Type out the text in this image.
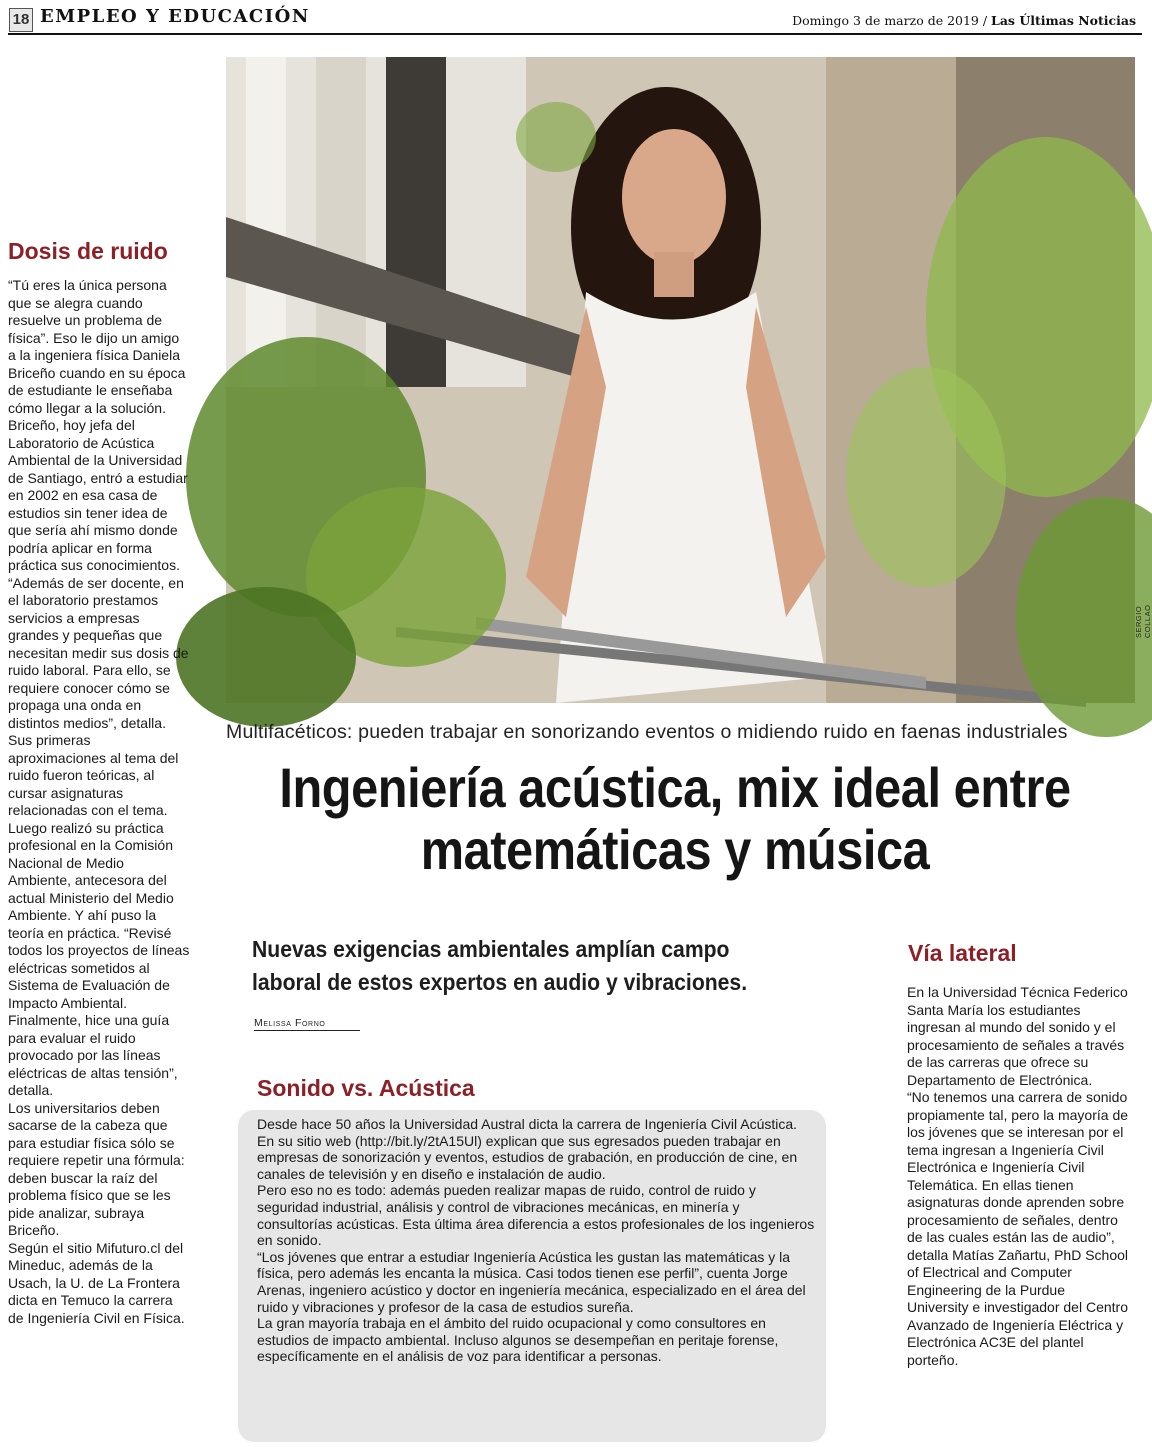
18 EMPLEO Y EDUCACIÓN	Domingo 3 de marzo de 2019 / Las Últimas Noticias
SERGIO COLLAO
Dosis de ruido

“Tú eres la única persona que se alegra cuando resuelve un problema de física”. Eso le dijo un amigo a la ingeniera física Daniela Briceño cuando en su época de estudiante le enseñaba cómo llegar a la solución.

Briceño, hoy jefa del Laboratorio de Acústica Ambiental de la Universidad de Santiago, entró a estudiar en 2002 en esa casa de estudios sin tener idea de que sería ahí mismo donde podría aplicar en forma práctica sus conocimientos.

“Además de ser docente, en el laboratorio prestamos servicios a empresas grandes y pequeñas que necesitan medir sus dosis de ruido laboral. Para ello, se requiere conocer cómo se propaga una onda en distintos medios”, detalla.

Sus primeras aproximaciones al tema del ruido fueron teóricas, al cursar asignaturas relacionadas con el tema. Luego realizó su práctica profesional en la Comisión Nacional de Medio Ambiente, antecesora del actual Ministerio del Medio Ambiente. Y ahí puso la teoría en práctica. “Revisé todos los proyectos de líneas eléctricas sometidos al Sistema de Evaluación de Impacto Ambiental. Finalmente, hice una guía para evaluar el ruido provocado por las líneas eléctricas de altas tensión”, detalla.

Los universitarios deben sacarse de la cabeza que para estudiar física sólo se requiere repetir una fórmula: deben buscar la raíz del problema físico que se les pide analizar, subraya Briceño.

Según el sitio Mifuturo.cl del Mineduc, además de la Usach, la U. de La Frontera dicta en Temuco la carrera de Ingeniería Civil en Física.

Multifacéticos: pueden trabajar en sonorizando eventos o midiendo ruido en faenas industriales
Ingeniería acústica, mix ideal entre
matemáticas y música
Nuevas exigencias ambientales amplían campo
laboral de estos expertos en audio y vibraciones.
Melissa Forno
Sonido vs. Acústica

Desde hace 50 años la Universidad Austral dicta la carrera de Ingeniería Civil Acústica. En su sitio web (http://bit.ly/2tA15Ul) explican que sus egresados pueden trabajar en empresas de sonorización y eventos, estudios de grabación, en producción de cine, en canales de televisión y en diseño e instalación de audio.

Pero eso no es todo: además pueden realizar mapas de ruido, control de ruido y seguridad industrial, análisis y control de vibraciones mecánicas, en minería y consultorías acústicas. Esta última área diferencia a estos profesionales de los ingenieros en sonido.

“Los jóvenes que entrar a estudiar Ingeniería Acústica les gustan las matemáticas y la física, pero además les encanta la música. Casi todos tienen ese perfil”, cuenta Jorge Arenas, ingeniero acústico y doctor en ingeniería mecánica, especializado en el área del ruido y vibraciones y profesor de la casa de estudios sureña.

La gran mayoría trabaja en el ámbito del ruido ocupacional y como consultores en estudios de impacto ambiental. Incluso algunos se desempeñan en peritaje forense, específicamente en el análisis de voz para identificar a personas.

Vía lateral

En la Universidad Técnica Federico Santa María los estudiantes ingresan al mundo del sonido y el procesamiento de señales a través de las carreras que ofrece su Departamento de Electrónica.

“No tenemos una carrera de sonido propiamente tal, pero la mayoría de los jóvenes que se interesan por el tema ingresan a Ingeniería Civil Electrónica e Ingeniería Civil Telemática. En ellas tienen asignaturas donde aprenden sobre procesamiento de señales, dentro de las cuales están las de audio”, detalla Matías Zañartu, PhD School of Electrical and Computer Engineering de la Purdue University e investigador del Centro Avanzado de Ingeniería Eléctrica y Electrónica AC3E del plantel porteño.
